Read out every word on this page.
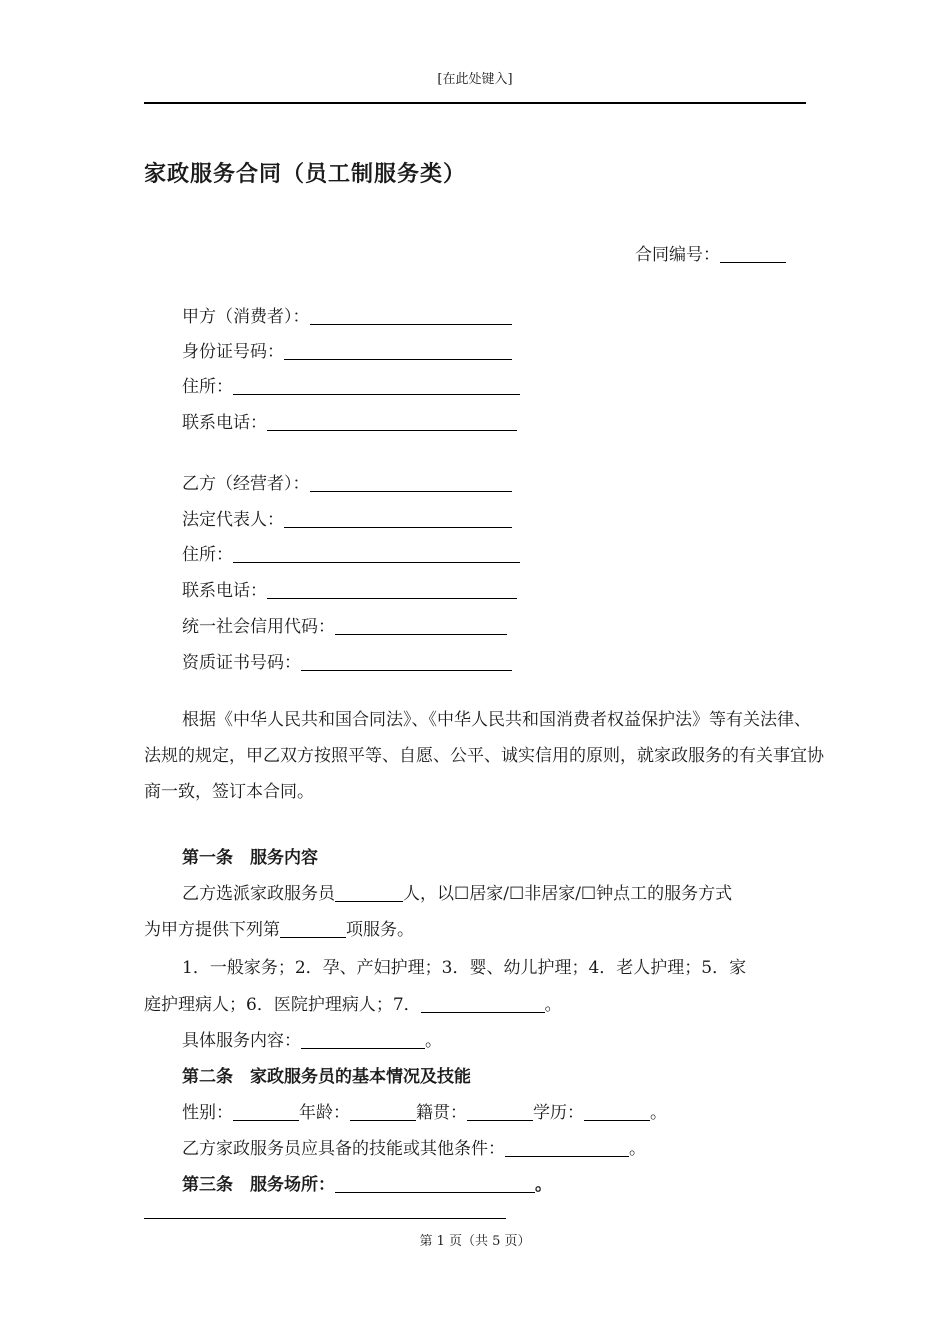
[在此处键入]
家政服务合同（员工制服务类）
合同编号：
甲方（消费者）：
身份证号码：
住所：
联系电话：
乙方（经营者）：
法定代表人：
住所：
联系电话：
统一社会信用代码：
资质证书号码：
根据《中华人民共和国合同法》、《中华人民共和国消费者权益保护法》等有关法律、法规的规定，甲乙双方按照平等、自愿、公平、诚实信用的原则，就家政服务的有关事宜协商一致，签订本合同。
第一条　服务内容
乙方选派家政服务员	人，以☐居家/☐非居家/☐钟点工的服务方式
为甲方提供下列第	项服务。
1．一般家务；2．孕、产妇护理；3．婴、幼儿护理；4．老人护理；5．家
庭护理病人；6．医院护理病人；7．	。
具体服务内容：	。
第二条　家政服务员的基本情况及技能
性别：	年龄：	籍贯：	学历：	。
乙方家政服务员应具备的技能或其他条件：	。
第三条　服务场所：	。
第 1 页（共 5 页）
